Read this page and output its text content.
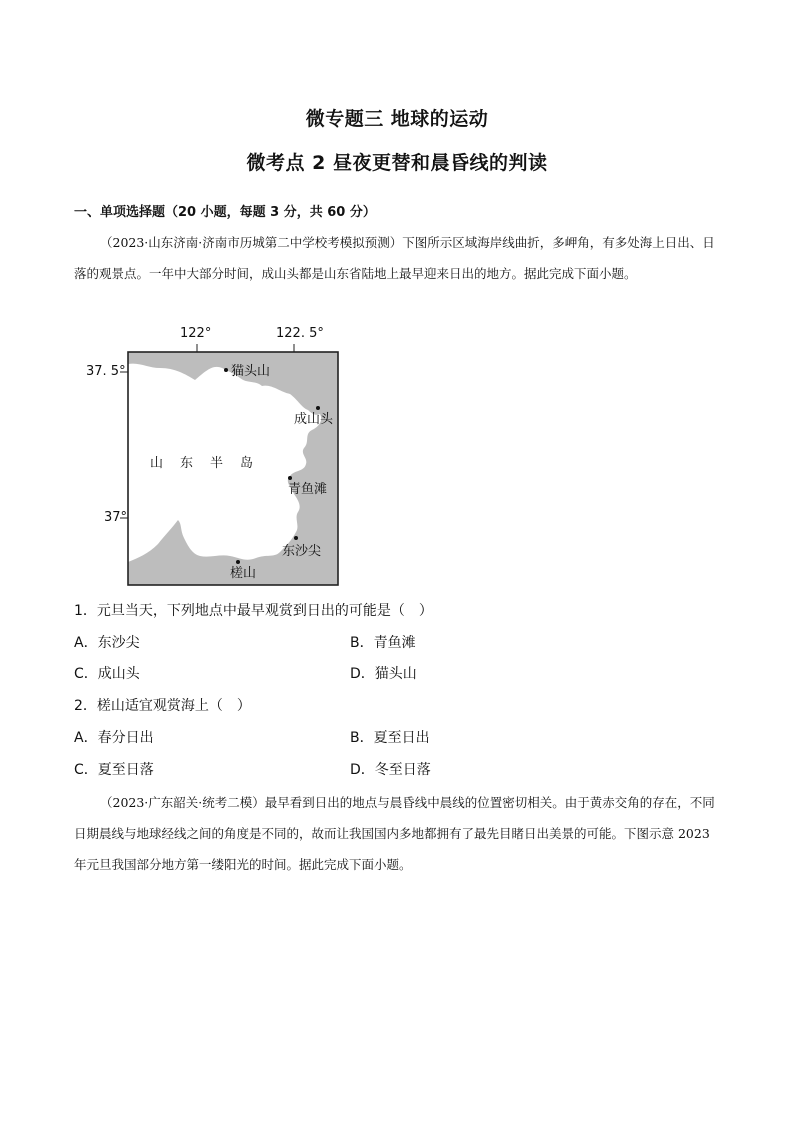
微专题三 地球的运动
微考点 2 昼夜更替和晨昏线的判读
一、单项选择题（20 小题，每题 3 分，共 60 分）
（2023·山东济南·济南市历城第二中学校考模拟预测）下图所示区域海岸线曲折，多岬角，有多处海上日出、日落的观景点。一年中大部分时间，成山头都是山东省陆地上最早迎来日出的地方。据此完成下面小题。
122°	122. 5°
37. 5°
37°
山　东　半　岛
猫头山
成山头
青鱼滩
东沙尖
槎山
1．元旦当天，下列地点中最早观赏到日出的可能是（　）
A．东沙尖	B．青鱼滩
C．成山头	D．猫头山
2．槎山适宜观赏海上（　）
A．春分日出	B．夏至日出
C．夏至日落	D．冬至日落
（2023·广东韶关·统考二模）最早看到日出的地点与晨昏线中晨线的位置密切相关。由于黄赤交角的存在，不同日期晨线与地球经线之间的角度是不同的，故而让我国国内多地都拥有了最先目睹日出美景的可能。下图示意 2023 年元旦我国部分地方第一缕阳光的时间。据此完成下面小题。
